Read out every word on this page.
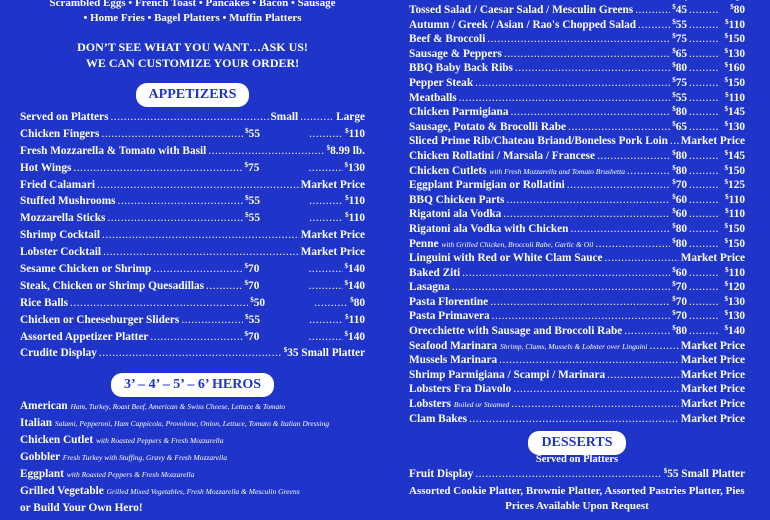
Scrambled Eggs • French Toast • Pancakes • Bacon • Sausage
• Home Fries • Bagel Platters • Muffin Platters
DON’T SEE WHAT YOU WANT…ASK US!
WE CAN CUSTOMIZE YOUR ORDER!
APPETIZERS
Served on Platters .....	Small .....	Large
Chicken Fingers .....	$55 .....	$110
Fresh Mozzarella & Tomato with Basil .....	$8.99 lb.
Hot Wings .....	$75 .....	$130
Fried Calamari .....	Market Price
Stuffed Mushrooms .....	$55 .....	$110
Mozzarella Sticks .....	$55 .....	$110
Shrimp Cocktail .....	Market Price
Lobster Cocktail .....	Market Price
Sesame Chicken or Shrimp .....	$70 .....	$140
Steak, Chicken or Shrimp Quesadillas .....	$70 .....	$140
Rice Balls .....	$50 .....	$80
Chicken or Cheeseburger Sliders .....	$55 .....	$110
Assorted Appetizer Platter .....	$70 .....	$140
Crudite Display .....	$35 Small Platter
3’ – 4’ – 5’ – 6’ HEROS
American Ham, Turkey, Roast Beef, American & Swiss Cheese, Lettuce & Tomato
Italian Salami, Pepperoni, Ham Cappicola, Provolone, Onion, Lettuce, Tomato & Italian Dressing
Chicken Cutlet with Roasted Peppers & Fresh Mozzarella
Gobbler Fresh Turkey with Stuffing, Gravy & Fresh Mozzarella
Eggplant with Roasted Peppers & Fresh Mozzarella
Grilled Vegetable Grilled Mixed Vegetables, Fresh Mozzarella & Mesculin Greens
or Build Your Own Hero!
Tossed Salad / Caesar Salad / Mesculin Greens .....	$45 .....	$80
Autumn / Greek / Asian / Rao's Chopped Salad .....	$55 .....	$110
Beef & Broccoli .....	$75 .....	$150
Sausage & Peppers .....	$65 .....	$130
BBQ Baby Back Ribs .....	$80 .....	$160
Pepper Steak .....	$75 .....	$150
Meatballs .....	$55 .....	$110
Chicken Parmigiana .....	$80 .....	$145
Sausage, Potato & Brocolli Rabe .....	$65 .....	$130
Sliced Prime Rib/Chateau Briand/Boneless Pork Loin ..... Market Price
Chicken Rollatini / Marsala / Francese .....	$80 .....	$145
Chicken Cutlets with Fresh Mozzarella and Tomato Brushetta .....	$80 .....	$150
Eggplant Parmigian or Rollatini .....	$70 .....	$125
BBQ Chicken Parts .....	$60 .....	$110
Rigatoni ala Vodka .....	$60 .....	$110
Rigatoni ala Vodka with Chicken .....	$80 .....	$150
Penne with Grilled Chicken, Broccoli Rabe, Garlic & Oil .....	$80 .....	$150
Linguini with Red or White Clam Sauce .....	Market Price
Baked Ziti .....	$60 .....	$110
Lasagna .....	$70 .....	$120
Pasta Florentine .....	$70 .....	$130
Pasta Primavera .....	$70 .....	$130
Orecchiette with Sausage and Broccoli Rabe .....	$80 .....	$140
Seafood Marinara Shrimp, Clams, Mussels & Lobster over Linguini .....	Market Price
Mussels Marinara .....	Market Price
Shrimp Parmigiana / Scampi / Marinara .....	Market Price
Lobsters Fra Diavolo .....	Market Price
Lobsters Boiled or Steamed .....	Market Price
Clam Bakes .....	Market Price
DESSERTS
Served on Platters
Fruit Display .....	$55 Small Platter
Assorted Cookie Platter, Brownie Platter, Assorted Pastries Platter, Pies
Prices Available Upon Request
